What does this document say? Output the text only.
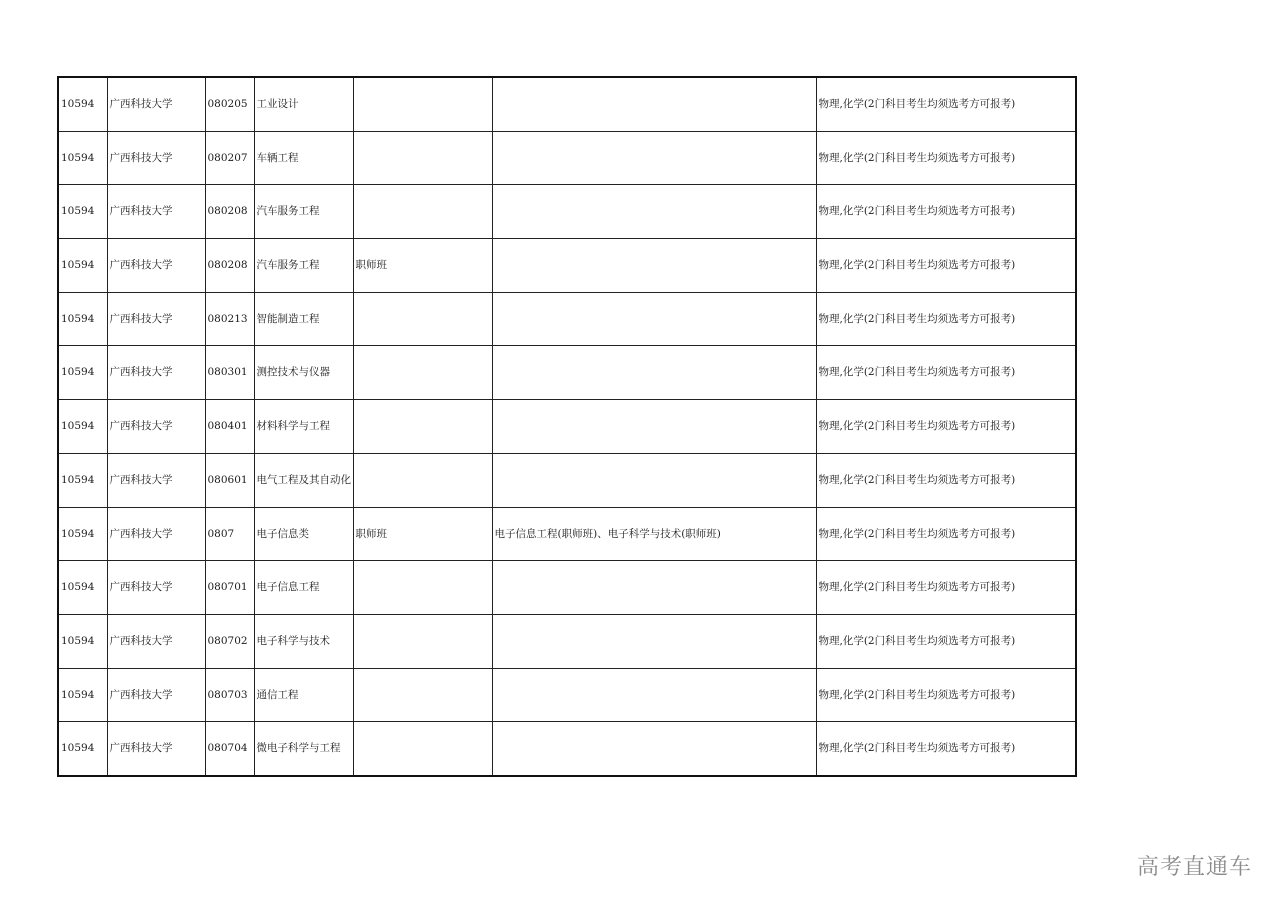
10594	广西科技大学	080205	工业设计			物理,化学(2门科目考生均须选考方可报考)
10594	广西科技大学	080207	车辆工程			物理,化学(2门科目考生均须选考方可报考)
10594	广西科技大学	080208	汽车服务工程			物理,化学(2门科目考生均须选考方可报考)
10594	广西科技大学	080208	汽车服务工程	职师班		物理,化学(2门科目考生均须选考方可报考)
10594	广西科技大学	080213	智能制造工程			物理,化学(2门科目考生均须选考方可报考)
10594	广西科技大学	080301	测控技术与仪器			物理,化学(2门科目考生均须选考方可报考)
10594	广西科技大学	080401	材料科学与工程			物理,化学(2门科目考生均须选考方可报考)
10594	广西科技大学	080601	电气工程及其自动化			物理,化学(2门科目考生均须选考方可报考)
10594	广西科技大学	0807	电子信息类	职师班	电子信息工程(职师班)、电子科学与技术(职师班)	物理,化学(2门科目考生均须选考方可报考)
10594	广西科技大学	080701	电子信息工程			物理,化学(2门科目考生均须选考方可报考)
10594	广西科技大学	080702	电子科学与技术			物理,化学(2门科目考生均须选考方可报考)
10594	广西科技大学	080703	通信工程			物理,化学(2门科目考生均须选考方可报考)
10594	广西科技大学	080704	微电子科学与工程			物理,化学(2门科目考生均须选考方可报考)
高考直通车
